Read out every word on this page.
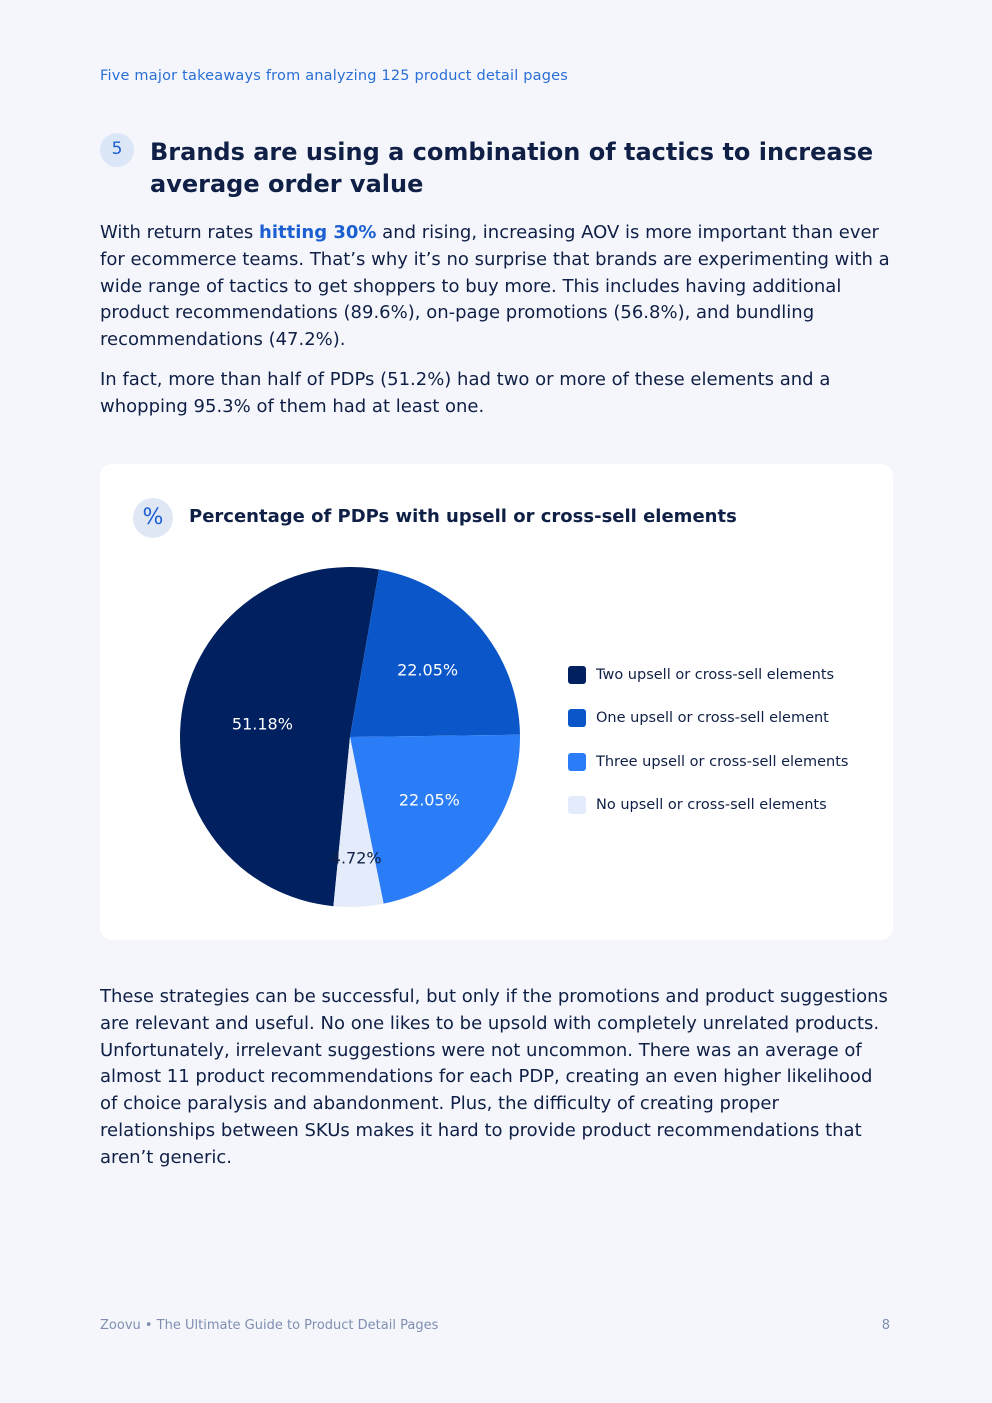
Five major takeaways from analyzing 125 product detail pages
5	Brands are using a combination of tactics to increase average order value

With return rates hitting 30% and rising, increasing AOV is more important than ever for ecommerce teams. That’s why it’s no surprise that brands are experimenting with a wide range of tactics to get shoppers to buy more. This includes having additional product recommendations (89.6%), on-page promotions (56.8%), and bundling recommendations (47.2%).

In fact, more than half of PDPs (51.2%) had two or more of these elements and a whopping 95.3% of them had at least one.

%	Percentage of PDPs with upsell or cross-sell elements
51.18%
22.05%
22.05%
4.72%
Two upsell or cross-sell elements
One upsell or cross-sell element
Three upsell or cross-sell elements
No upsell or cross-sell elements

These strategies can be successful, but only if the promotions and product suggestions are relevant and useful. No one likes to be upsold with completely unrelated products. Unfortunately, irrelevant suggestions were not uncommon. There was an average of almost 11 product recommendations for each PDP, creating an even higher likelihood of choice paralysis and abandonment. Plus, the difficulty of creating proper relationships between SKUs makes it hard to provide product recommendations that aren’t generic.

Zoovu • The Ultimate Guide to Product Detail Pages	8
